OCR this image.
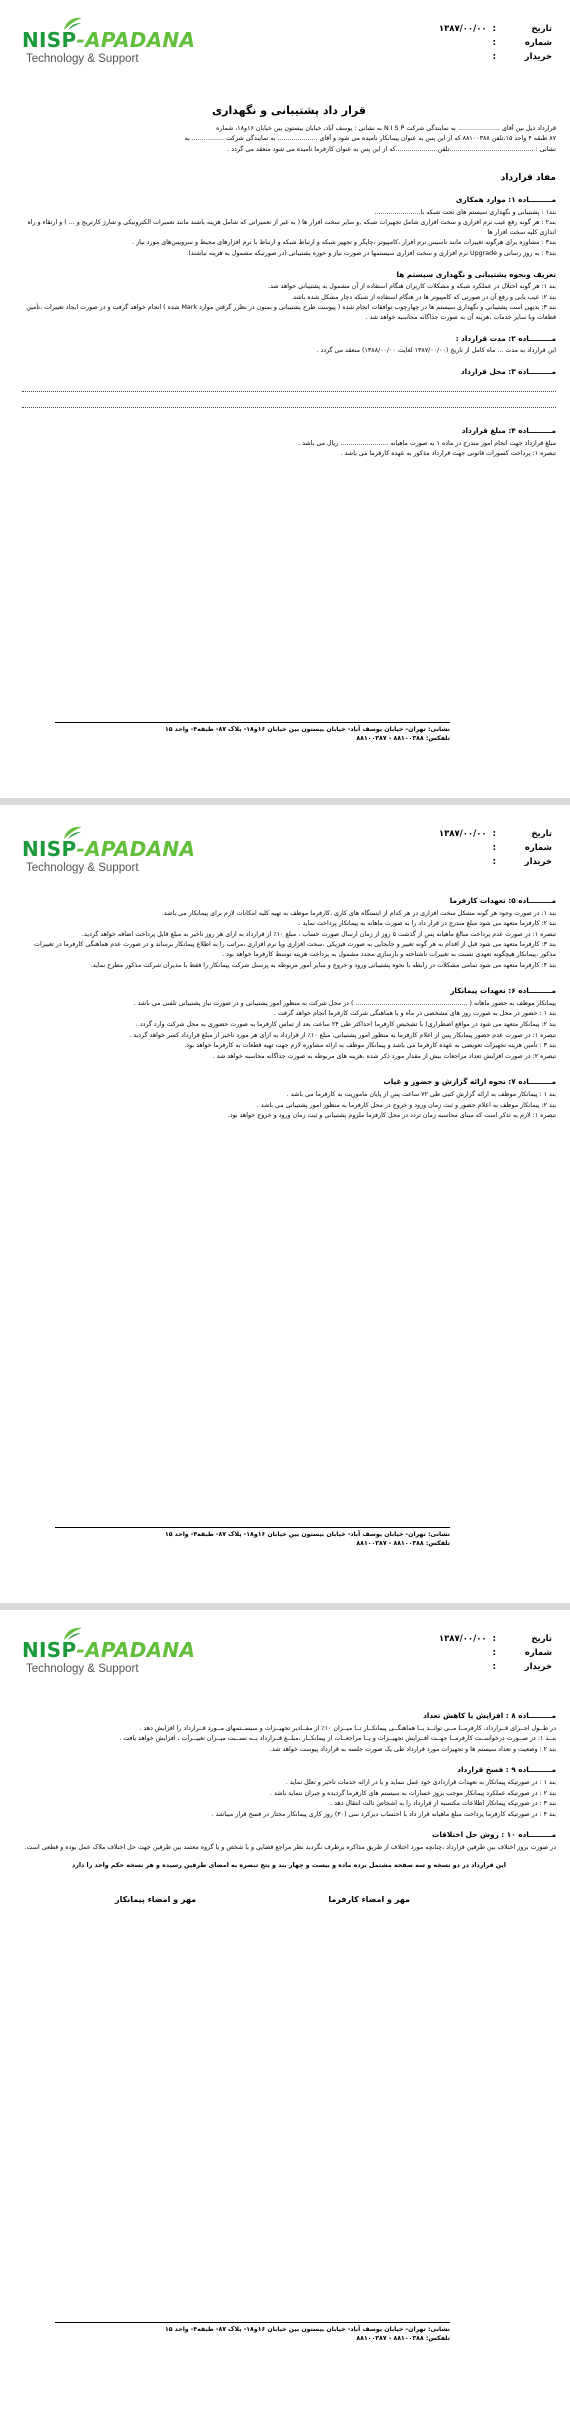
NISP-APADANA
Technology & Support
تاریخ
:
۱۳۸۷/۰۰/۰۰
شماره
:
خریدار
:
قرار داد پشتیبانی و نگهداری
قرارداد ذیل بین آقای ..................... به نمایندگی شرکت N I S P به نشانی : یوسف آباد، خیابان بیستون بین خیابان ۱۶و۱۸، شماره
۸۷ طبقه ۴ واحد ۱۵،تلفن ۸۸۱۰۰۳۸۸ که از این پس به عنوان پیمانکار نامیده می شود و آقای .................... به نمایندگی شرکت ................ به
نشانی : ..........................................تلفن.....................که از این پس به عنوان کارفرما نامیده می شود منعقد می گردد .
مفاد قرارداد
مـــــــــاده ۱: موارد همکاری
بند۱ : پشتیبانی و نگهداری سیستم های تحت شبکه با.......................
بند۲ : هر گونه رفع عیب نرم افزاری و سخت افزاری شامل تجهیزات شبکه ,و سایر سخت افزار ها ( به غیر از تعمیراتی که شامل هزینه باشند مانند تعمیرات الکترونیکی و شارژ کارتریج و ... ) و ارتقاء و راه اندازی کلیه سخت افزار ها
بند۳ : مشاوره برای هرگونه تغییرات مانند تاسیس نرم افزار ،کامپیوتر ،چاپگر و تجهیز شبکه و ارتباط شبکه و ارتباط با نرم افزارهای محیط و سرویس‌های مورد نیاز .
بند۴ : به روز رسانی و Upgrade نرم افزاری و سخت افزاری سیستمها در صورت نیاز و حوزه پشتیبانی (در صورتیکه مشمول به هزینه نباشند).
تعریف ونحوه پشتیبانی و نگهداری سیستم ها
بند ۱: هر گونه اختلال در عملکرد شبکه و مشکلات کاربران هنگام استفاده از آن مشمول به پشتیبانی خواهد شد.
بند ۲: عیب یابی و رفع آن در صورتی که کامپیوتر ها در هنگام استفاده از شبکه دچار مشکل شده باشد.
بند ۳: بدیهی است پشتیبانی و نگهداری سیستم ها در چهارچوب توافقات انجام شده ( پیوست طرح پشتیبانی و بمنون در نظرر گرفتن موارد Mark شده ) انجام خواهد گرفت و در صورت ایجاد تغییرات ،تأمین قطعات وبا سایر خدمات ،هزینه آن به صورت جداگانه محاسبه خواهد شد .
مـــــــــاده ۲: مدت قرارداد :
این قرارداد به مدت ... ماه کامل از تاریخ (۱۳۸۷/۰۰/۰۰ لغایت ۱۳۸۸/۰۰/۰۰) منعقد می گردد .
مـــــــــاده ۳: محل قرارداد
مـــــــــاده ۴: مبلغ قرارداد
مبلغ قرارداد جهت انجام امور مندرج در ماده ۱ به صورت ماهیانه ........................ ریال می باشد .
تبصره ۱: پرداخت کسورات قانونی جهت قرارداد مذکور به عهده کارفرما می باشد .
نشانی: تهران- خیابان یوسف آباد- خیابان بیستون بین خیابان ۱۶و۱۸- پلاک ۸۷- طبقه۴- واحد ۱۵
تلفکس: ۸۸۱۰۰۳۸۸ - ۸۸۱۰۰۳۸۷
NISP-APADANA
Technology & Support
تاریخ
:
۱۳۸۷/۰۰/۰۰
شماره
:
خریدار
:
مـــــــــاده ۵: تعهدات کارفرما
بند ۱: در صورت وجود هر گونه مشکل سخت افزاری در هر کدام از ایستگاه های کاری ،کارفرما موظف به تهیه کلیه امکانات لازم برای پیمانکار می باشد.
بند ۲: کارفرما متعهد می شود مبلغ مندرج در قرار داد را به صورت ماهانه به پیمانکار پرداخت نماید .
تبصره ۱: در صورت عدم پرداخت مبالغ ماهیانه پس از گذشت ۵ روز از زمان ارسال صورت حساب ، مبلغ ۱۰٪ از قرارداد به ازای هر روز تاخیر به مبلغ قابل پرداخت اضافه خواهد گردید.
بند ۳: کارفرما متعهد می شود قبل از اقدام به هر گونه تغییر و جابجایی به صورت فیزیکی ،سخت افزاری ویا نرم افزاری ،مراتب را به اطلاع پیمانکار برساند و در صورت عدم هماهنگی کارفرما در تغییرات مذکور ،پیمانکار هیچگونه تعهدی نسبت به تغییرات ناشناخته و بازسازی مجدد مشمول به پرداخت هزینه توسط کارفرما خواهد بود .
بند ۴: کارفرما متعهد می شود تمامی مشکلات در رابطه با نحوه پشتیبانی ورود و خروج و سایر امور مربوطه به پرسنل شرکت پیمانکار را فقط با مدیران شرکت مذکور مطرح نماید.
مـــــــــاده ۶: تعهدات پیمانکار
پیمانکار موظف به حضور ماهانه ( ........................................................ ) در محل شرکت به منظور امور پشتیبانی و در صورت نیاز پشتیبانی تلفنی می باشد .
بند ۱ : حضور در محل به صورت روز های مشخصی در ماه و با هماهنگی شرکت کارفرما انجام خواهد گرفت .
بند ۲: پیمانکار متعهد می شود در مواقع اضطراری( با تشخیص کارفرما )حداکثر طی ۲۴ ساعت بعد از تماس کارفرما به صورت حضوری به محل شرکت وارد گردد .
تبصره ۱: در صورت عدم حضور پیمانکار پس از اعلام کارفرما به منظور امور پشتیبانی، مبلغ ۱۰٪ از قرارداد به ازای هر مورد تاخیر از مبلغ قرارداد کسر خواهد گردید .
بند ۳ : تأمین هزینه تجهیزات تعویضی به عهده کارفرما می باشد و پیمانکار موظف به ارائه مشاوره لازم جهت تهیه قطعات به کارفرما خواهد بود.
تبصره ۲: در صورت افزایش تعداد مراجعات بیش از مقدار مورد ذکر شده ،هزینه های مربوطه به صورت جداگانه محاسبه خواهد شد .
مـــــــــاده ۷: نحوه ارائه گزارش و حضور و غیاب
بند ۱ : پیمانکار موظف به ارائه گزارش کتبی طی ۷۲ ساعت پس از پایان ماموریت به کارفرما می باشد .
بند ۲: پیمانکار موظف به اعلام حضور و ثبت زمان ورود و خروج در محل کارفرما به منظور امور پشتیبانی می باشد .
تبصره ۱: لازم به تذکر است که مبنای محاسبه زمان تردد در محل کارفرما ملزوم پشتیبانی و ثبت زمان ورود و خروج خواهد بود.
نشانی: تهران- خیابان یوسف آباد- خیابان بیستون بین خیابان ۱۶و۱۸- پلاک ۸۷- طبقه۴- واحد ۱۵
تلفکس: ۸۸۱۰۰۳۸۸ - ۸۸۱۰۰۳۸۷
NISP-APADANA
Technology & Support
تاریخ
:
۱۳۸۷/۰۰/۰۰
شماره
:
خریدار
:
مـــــــــاده ۸ : افزایش یا کاهش تعداد
در طــول اجــرای قــرارداد، کارفرمــا مــی توانــد بــا هماهنگــی پیمانکــار تــا میــزان ۱۰٪ از مقــادیر تجهیــزات و سیســتمهای مــورد قــرارداد را افزایش دهد .
بنــد ۱: در صــورت درخواســت کارفرمــا جهــت افــزایش تجهیــزات و یــا مراجعــات از پیمانکــار ،مبلــغ قــرارداد بــه نســبت میــزان تغییــرات ، افزایش خواهد یافت .
بند ۲ : وضعیت و تعداد سیستم ها و تجهیزات مورد قرارداد طی یک صورت جلسه به قرارداد پیوست خواهد شد.
مـــــــــاده ۹ : فسخ قرارداد
بند ۱ : در صورتیکه پیمانکار به تعهدات قراردادی خود عمل ننماید و یا در ارائه خدمات تاخیر و تعلل نماید .
بند ۲ : در صورتیکه عملکرد پیمانکار موجب بروز خسارات به سیستم های کارفرما گردیده و جبران ننماید باشد .
بند ۳ : در صورتیکه پیمانکار اطلاعات مکتسبه از قرارداد را به اشخاص ثالث انتقال دهد .
بند ۴ : در صورتیکه کارفرما پرداخت مبلغ ماهیانه قرار داد با احتساب دیرکرد سی (۳۰) روز کاری پیمانکار مختار در فسخ قرار میباشد .
مـــــــــاده ۱۰ : روش حل اختلافات
در صورت بروز اختلاف بین طرفین قرارداد ،چنانچه مورد اختلاف از طریق مذاکره برطرف نگردید نظر مراجع قضایی و یا شخص و یا گروه معتمد بین طرفین جهت حل اختلاف ملاک عمل بوده و قطعی است.
این قرارداد در دو نسخه و سه صفحه مشتمل برده ماده و بیست و چهار بند و پنج تبصره به امضای طرفین رسیده و هر نسخه حکم واحد را دارد
مهر و امضاء کارفرما
مهر و امضاء پیمانکار
نشانی: تهران- خیابان یوسف آباد- خیابان بیستون بین خیابان ۱۶و۱۸- پلاک ۸۷- طبقه۴- واحد ۱۵
تلفکس: ۸۸۱۰۰۳۸۸ - ۸۸۱۰۰۳۸۷
